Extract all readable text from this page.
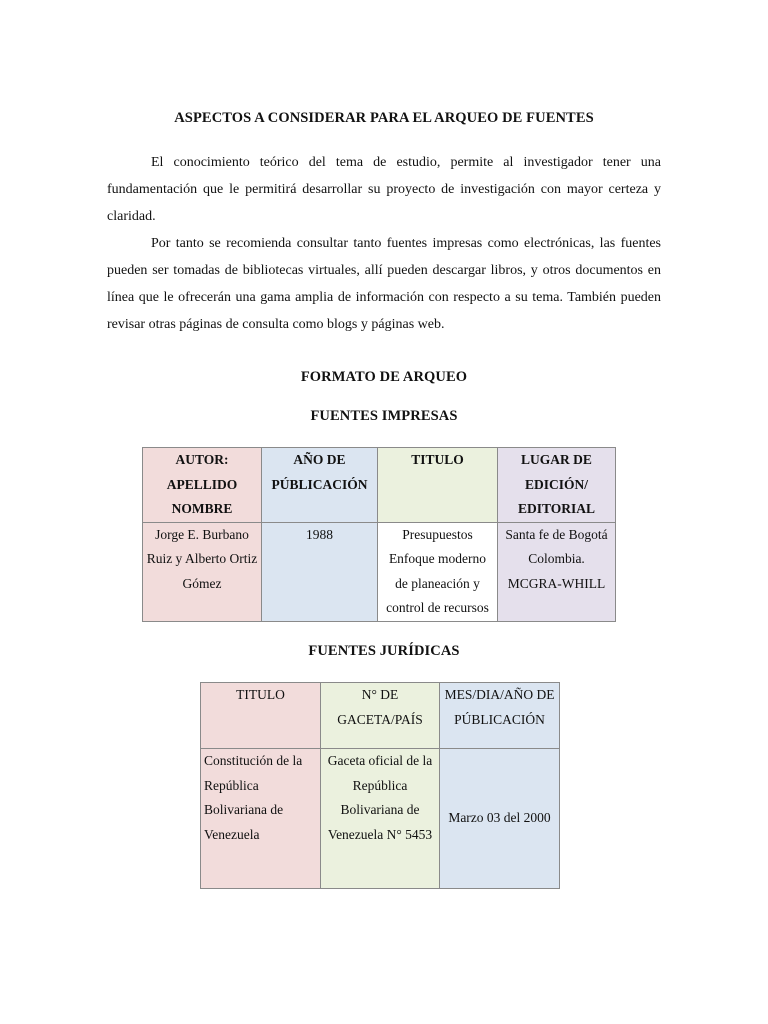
ASPECTOS A CONSIDERAR PARA EL ARQUEO DE FUENTES

El conocimiento teórico del tema de estudio, permite al investigador tener una fundamentación que le permitirá desarrollar su proyecto de investigación con mayor certeza y claridad.

Por tanto se recomienda consultar tanto fuentes impresas como electrónicas, las fuentes pueden ser tomadas de bibliotecas virtuales, allí pueden descargar libros, y otros documentos en línea que le ofrecerán una gama amplia de información con respecto a su tema. También pueden revisar otras páginas de consulta como blogs y páginas web.

FORMATO DE ARQUEO
FUENTES IMPRESAS
AUTOR: APELLIDO NOMBRE	AÑO DE PÚBLICACIÓN	TITULO	LUGAR DE EDICIÓN/ EDITORIAL
Jorge E. Burbano Ruiz y Alberto Ortiz Gómez	1988	Presupuestos Enfoque moderno de planeación y control de recursos	Santa fe de Bogotá Colombia. MCGRA-WHILL
FUENTES JURÍDICAS
TITULO	N° DE GACETA/PAÍS	MES/DIA/AÑO DE PÚBLICACIÓN
Constitución de la República Bolivariana de Venezuela	Gaceta oficial de la República Bolivariana de Venezuela N° 5453	Marzo 03 del 2000
